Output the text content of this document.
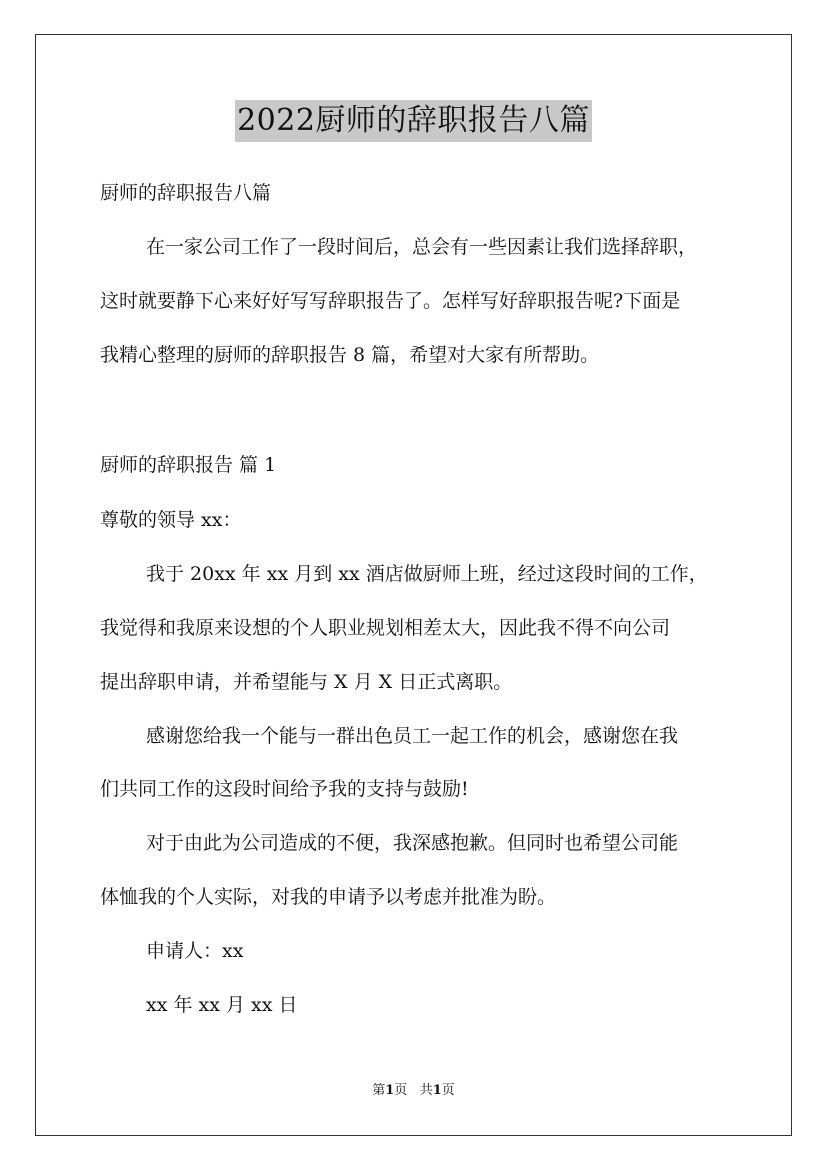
2022厨师的辞职报告八篇
厨师的辞职报告八篇
在一家公司工作了一段时间后，总会有一些因素让我们选择辞职，
这时就要静下心来好好写写辞职报告了。怎样写好辞职报告呢?下面是
我精心整理的厨师的辞职报告 8 篇，希望对大家有所帮助。
厨师的辞职报告 篇 1
尊敬的领导 xx：
我于 20xx 年 xx 月到 xx 酒店做厨师上班，经过这段时间的工作，
我觉得和我原来设想的个人职业规划相差太大，因此我不得不向公司
提出辞职申请，并希望能与 X 月 X 日正式离职。
感谢您给我一个能与一群出色员工一起工作的机会，感谢您在我
们共同工作的这段时间给予我的支持与鼓励!
对于由此为公司造成的不便，我深感抱歉。但同时也希望公司能
体恤我的个人实际，对我的申请予以考虑并批准为盼。
申请人：xx
xx 年 xx 月 xx 日
第1页 共1页
